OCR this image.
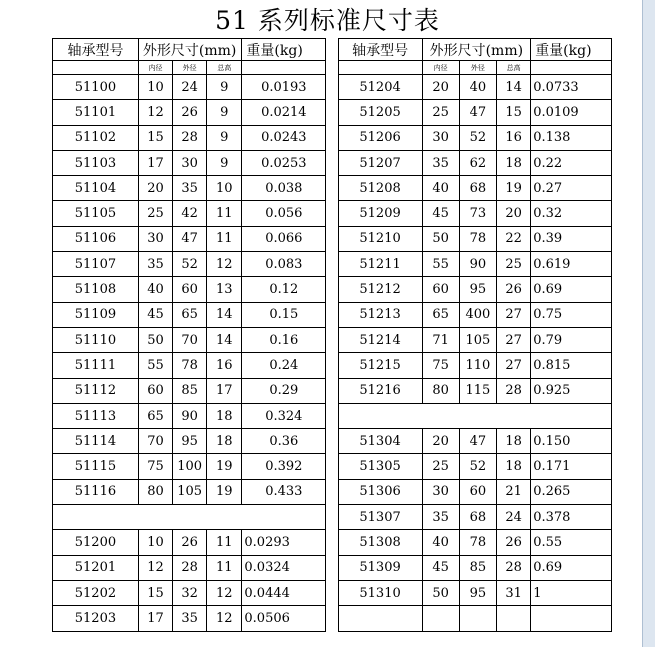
51 系列标准尺寸表
轴承型号	外形尺寸(mm)			重量(kg)		轴承型号	外形尺寸(mm)			重量(kg)
	内径	外径	总高				内径	外径	总高	
51100	10	24	9	0.0193		51204	20	40	14	0.0733
51101	12	26	9	0.0214		51205	25	47	15	0.0109
51102	15	28	9	0.0243		51206	30	52	16	0.138
51103	17	30	9	0.0253		51207	35	62	18	0.22
51104	20	35	10	0.038		51208	40	68	19	0.27
51105	25	42	11	0.056		51209	45	73	20	0.32
51106	30	47	11	0.066		51210	50	78	22	0.39
51107	35	52	12	0.083		51211	55	90	25	0.619
51108	40	60	13	0.12		51212	60	95	26	0.69
51109	45	65	14	0.15		51213	65	400	27	0.75
51110	50	70	14	0.16		51214	71	105	27	0.79
51111	55	78	16	0.24		51215	75	110	27	0.815
51112	60	85	17	0.29		51216	80	115	28	0.925
51113	65	90	18	0.324						
51114	70	95	18	0.36		51304	20	47	18	0.150
51115	75	100	19	0.392		51305	25	52	18	0.171
51116	80	105	19	0.433		51306	30	60	21	0.265
						51307	35	68	24	0.378
51200	10	26	11	0.0293		51308	40	78	26	0.55
51201	12	28	11	0.0324		51309	45	85	28	0.69
51202	15	32	12	0.0444		51310	50	95	31	1
51203	17	35	12	0.0506						
